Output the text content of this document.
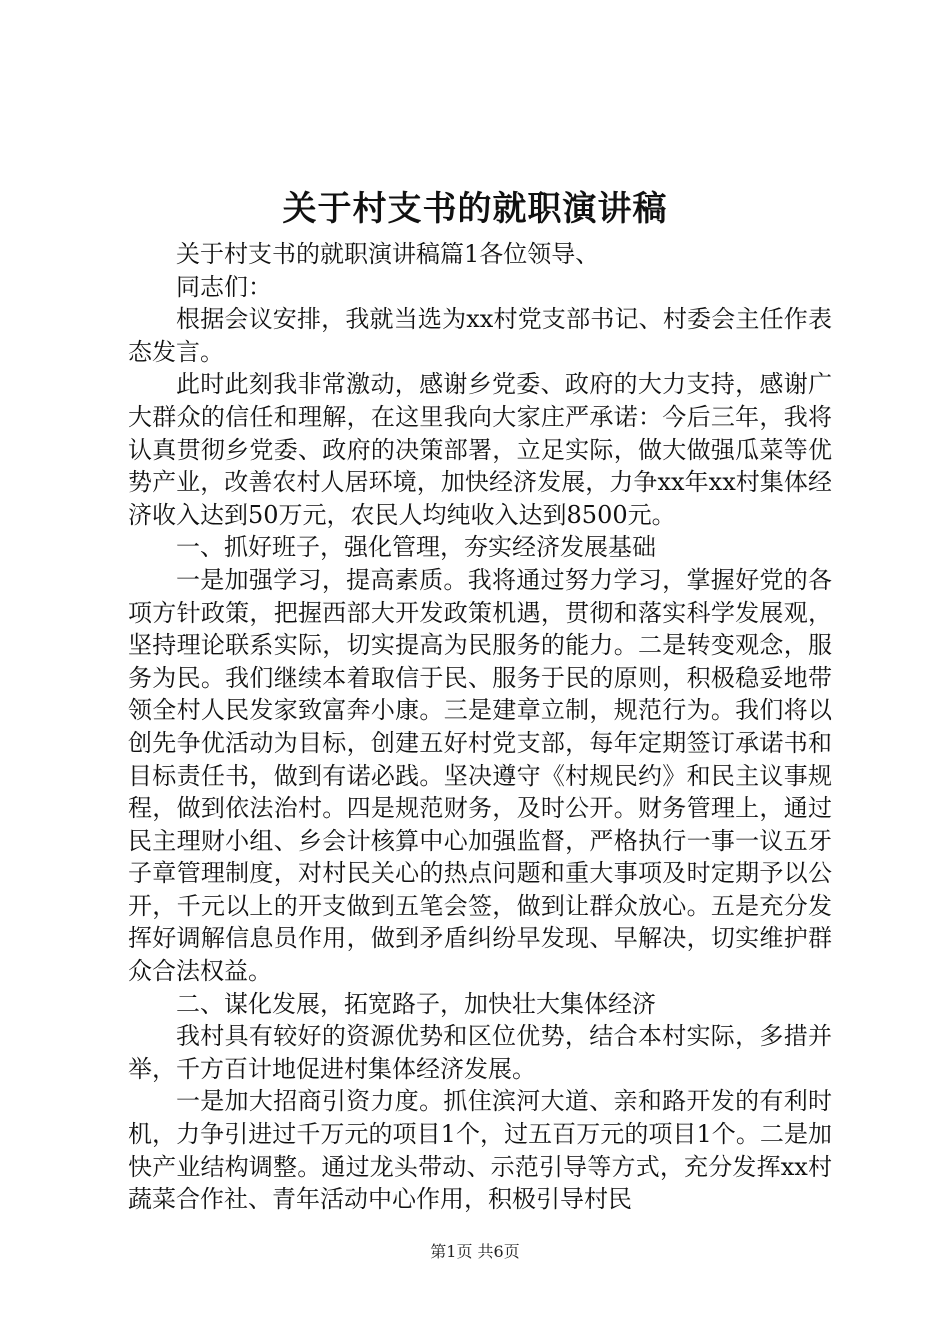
关于村支书的就职演讲稿

关于村支书的就职演讲稿篇1各位领导、

同志们：

根据会议安排，我就当选为xx村党支部书记、村委会主任作表态发言。

此时此刻我非常激动，感谢乡党委、政府的大力支持，感谢广大群众的信任和理解，在这里我向大家庄严承诺：今后三年，我将认真贯彻乡党委、政府的决策部署，立足实际，做大做强瓜菜等优势产业，改善农村人居环境，加快经济发展，力争xx年xx村集体经济收入达到50万元，农民人均纯收入达到8500元。

一、抓好班子，强化管理，夯实经济发展基础

一是加强学习，提高素质。我将通过努力学习，掌握好党的各项方针政策，把握西部大开发政策机遇，贯彻和落实科学发展观，坚持理论联系实际，切实提高为民服务的能力。二是转变观念，服务为民。我们继续本着取信于民、服务于民的原则，积极稳妥地带领全村人民发家致富奔小康。三是建章立制，规范行为。我们将以创先争优活动为目标，创建五好村党支部，每年定期签订承诺书和目标责任书，做到有诺必践。坚决遵守《村规民约》和民主议事规程，做到依法治村。四是规范财务，及时公开。财务管理上，通过民主理财小组、乡会计核算中心加强监督，严格执行一事一议五牙子章管理制度，对村民关心的热点问题和重大事项及时定期予以公开，千元以上的开支做到五笔会签，做到让群众放心。五是充分发挥好调解信息员作用，做到矛盾纠纷早发现、早解决，切实维护群众合法权益。

二、谋化发展，拓宽路子，加快壮大集体经济

我村具有较好的资源优势和区位优势，结合本村实际，多措并举，千方百计地促进村集体经济发展。

一是加大招商引资力度。抓住滨河大道、亲和路开发的有利时机，力争引进过千万元的项目1个，过五百万元的项目1个。二是加快产业结构调整。通过龙头带动、示范引导等方式，充分发挥xx村蔬菜合作社、青年活动中心作用，积极引导村民

第1页 共6页
